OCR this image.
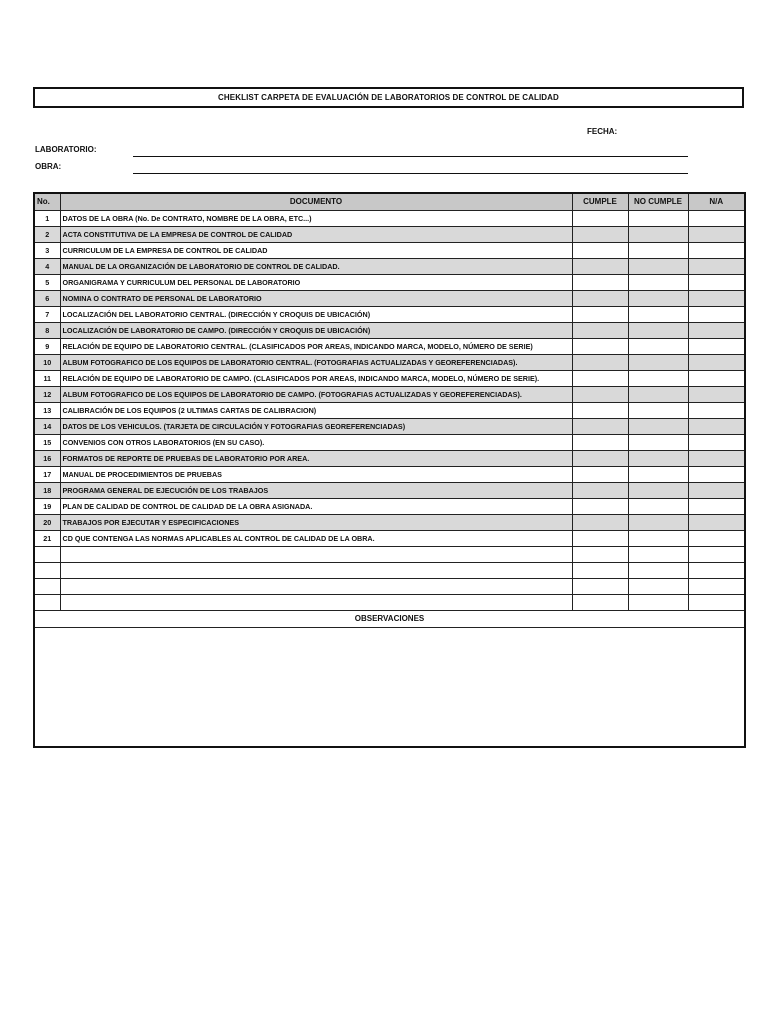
CHEKLIST CARPETA DE EVALUACIÓN DE LABORATORIOS DE CONTROL DE CALIDAD
FECHA:
LABORATORIO:
OBRA:
No.	DOCUMENTO	CUMPLE	NO CUMPLE	N/A
1	DATOS DE LA OBRA (No. De CONTRATO, NOMBRE DE LA OBRA, ETC...)			
2	ACTA CONSTITUTIVA DE LA EMPRESA DE CONTROL DE CALIDAD			
3	CURRICULUM DE LA EMPRESA DE CONTROL DE CALIDAD			
4	MANUAL DE LA ORGANIZACIÓN DE LABORATORIO DE CONTROL DE CALIDAD.			
5	ORGANIGRAMA Y CURRICULUM DEL PERSONAL DE LABORATORIO			
6	NOMINA O CONTRATO DE PERSONAL DE LABORATORIO			
7	LOCALIZACIÓN DEL LABORATORIO CENTRAL. (DIRECCIÓN Y CROQUIS DE UBICACIÓN)			
8	LOCALIZACIÓN DE LABORATORIO DE CAMPO. (DIRECCIÓN Y CROQUIS DE UBICACIÓN)			
9	RELACIÓN DE EQUIPO DE LABORATORIO CENTRAL. (CLASIFICADOS POR AREAS, INDICANDO MARCA, MODELO, NÚMERO DE SERIE)			
10	ALBUM FOTOGRAFICO DE LOS EQUIPOS DE LABORATORIO CENTRAL. (FOTOGRAFIAS ACTUALIZADAS Y GEOREFERENCIADAS).			
11	RELACIÓN DE EQUIPO DE LABORATORIO DE CAMPO. (CLASIFICADOS POR AREAS, INDICANDO MARCA, MODELO, NÚMERO DE SERIE).			
12	ALBUM FOTOGRAFICO DE LOS EQUIPOS DE LABORATORIO DE CAMPO. (FOTOGRAFIAS ACTUALIZADAS Y GEOREFERENCIADAS).			
13	CALIBRACIÓN DE LOS EQUIPOS (2 ULTIMAS CARTAS DE CALIBRACION)			
14	DATOS DE LOS VEHICULOS. (TARJETA DE CIRCULACIÓN Y FOTOGRAFIAS GEOREFERENCIADAS)			
15	CONVENIOS CON OTROS LABORATORIOS (EN SU CASO).			
16	FORMATOS DE REPORTE DE PRUEBAS DE LABORATORIO POR AREA.			
17	MANUAL DE PROCEDIMIENTOS DE PRUEBAS			
18	PROGRAMA GENERAL DE EJECUCIÓN DE LOS TRABAJOS			
19	PLAN DE CALIDAD DE CONTROL DE CALIDAD DE LA OBRA ASIGNADA.			
20	TRABAJOS POR EJECUTAR Y ESPECIFICACIONES			
21	CD QUE CONTENGA LAS NORMAS APLICABLES AL CONTROL DE CALIDAD DE LA OBRA.			

OBSERVACIONES				
